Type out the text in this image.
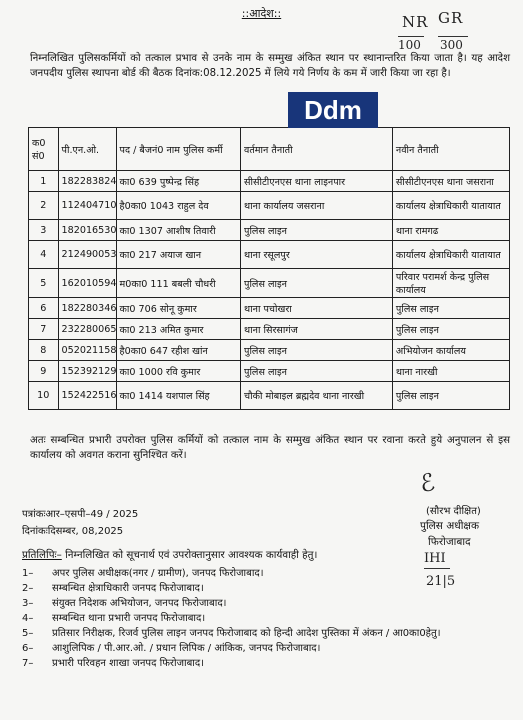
::आदेश::	NR GR
100 300
निम्नलिखित पुलिसकर्मियों को तत्काल प्रभाव से उनके नाम के सम्मुख अंकित स्थान पर स्थानान्तरित किया जाता है। यह आदेश जनपदीय पुलिस स्थापना बोर्ड की बैठक दिनांक:08.12.2025 में लिये गये निर्णय के कम में जारी किया जा रहा है।
क0 सं0	पी.एन.ओ.	पद / बैजनं0 नाम पुलिस कर्मी	वर्तमान तैनाती	नवीन तैनाती
1	182283824	का0 639 पुष्पेन्द्र सिंह	सीसीटीएनएस थाना लाइनपार	सीसीटीएनएस थाना जसराना
2	112404710	है0का0 1043 राहुल देव	थाना कार्यालय जसराना	कार्यालय क्षेत्राधिकारी यातायात
3	182016530	का0 1307 आशीष तिवारी	पुलिस लाइन	थाना रामगढ
4	212490053	का0 217 अयाज खान	थाना रसूलपुर	कार्यालय क्षेत्राधिकारी यातायात
5	162010594	म0का0 111 बबली चौधरी	पुलिस लाइन	परिवार परामर्श केन्द्र पुलिस कार्यालय
6	182280346	का0 706 सोनू कुमार	थाना पचोखरा	पुलिस लाइन
7	232280065	का0 213 अमित कुमार	थाना सिरसागंज	पुलिस लाइन
8	052021158	है0का0 647 रहीश खांन	पुलिस लाइन	अभियोजन कार्यालय
9	152392129	का0 1000 रवि कुमार	पुलिस लाइन	थाना नारखी
10	152422516	का0 1414 यशपाल सिंह	चौकी मोबाइल ब्रह्मदेव थाना नारखी	पुलिस लाइन
Ddm
अतः सम्बन्धित प्रभारी उपरोक्त पुलिस कर्मियों को तत्काल नाम के सम्मुख अंकित स्थान पर रवाना करते हुये अनुपालन से इस कार्यालय को अवगत कराना सुनिश्चित करें।
ℰ
(सौरभ दीक्षित)
पुलिस अधीक्षक
फिरोजाबाद
IHI
21|5
पत्रांकःआर–एसपी–49 / 2025
दिनांकःदिसम्बर, 08,2025
प्रतिलिपिः– निम्नलिखित को सूचनार्थ एवं उपरोक्तानुसार आवश्यक कार्यवाही हेतु।
1–	अपर पुलिस अधीक्षक(नगर / ग्रामीण), जनपद फिरोजाबाद।
2–	सम्बन्धित क्षेत्राधिकारी जनपद फिरोजाबाद।
3–	संयुक्त निदेशक अभियोजन, जनपद फिरोजाबाद।
4–	सम्बन्धित थाना प्रभारी जनपद फिरोजाबाद।
5–	प्रतिसार निरीक्षक, रिजर्व पुलिस लाइन जनपद फिरोजाबाद को हिन्दी आदेश पुस्तिका में अंकन / आ0का0हेतु।
6–	आशुलिपिक / पी.आर.ओ. / प्रधान लिपिक / आंकिक, जनपद फिरोजाबाद।
7–	प्रभारी परिवहन शाखा जनपद फिरोजाबाद।
